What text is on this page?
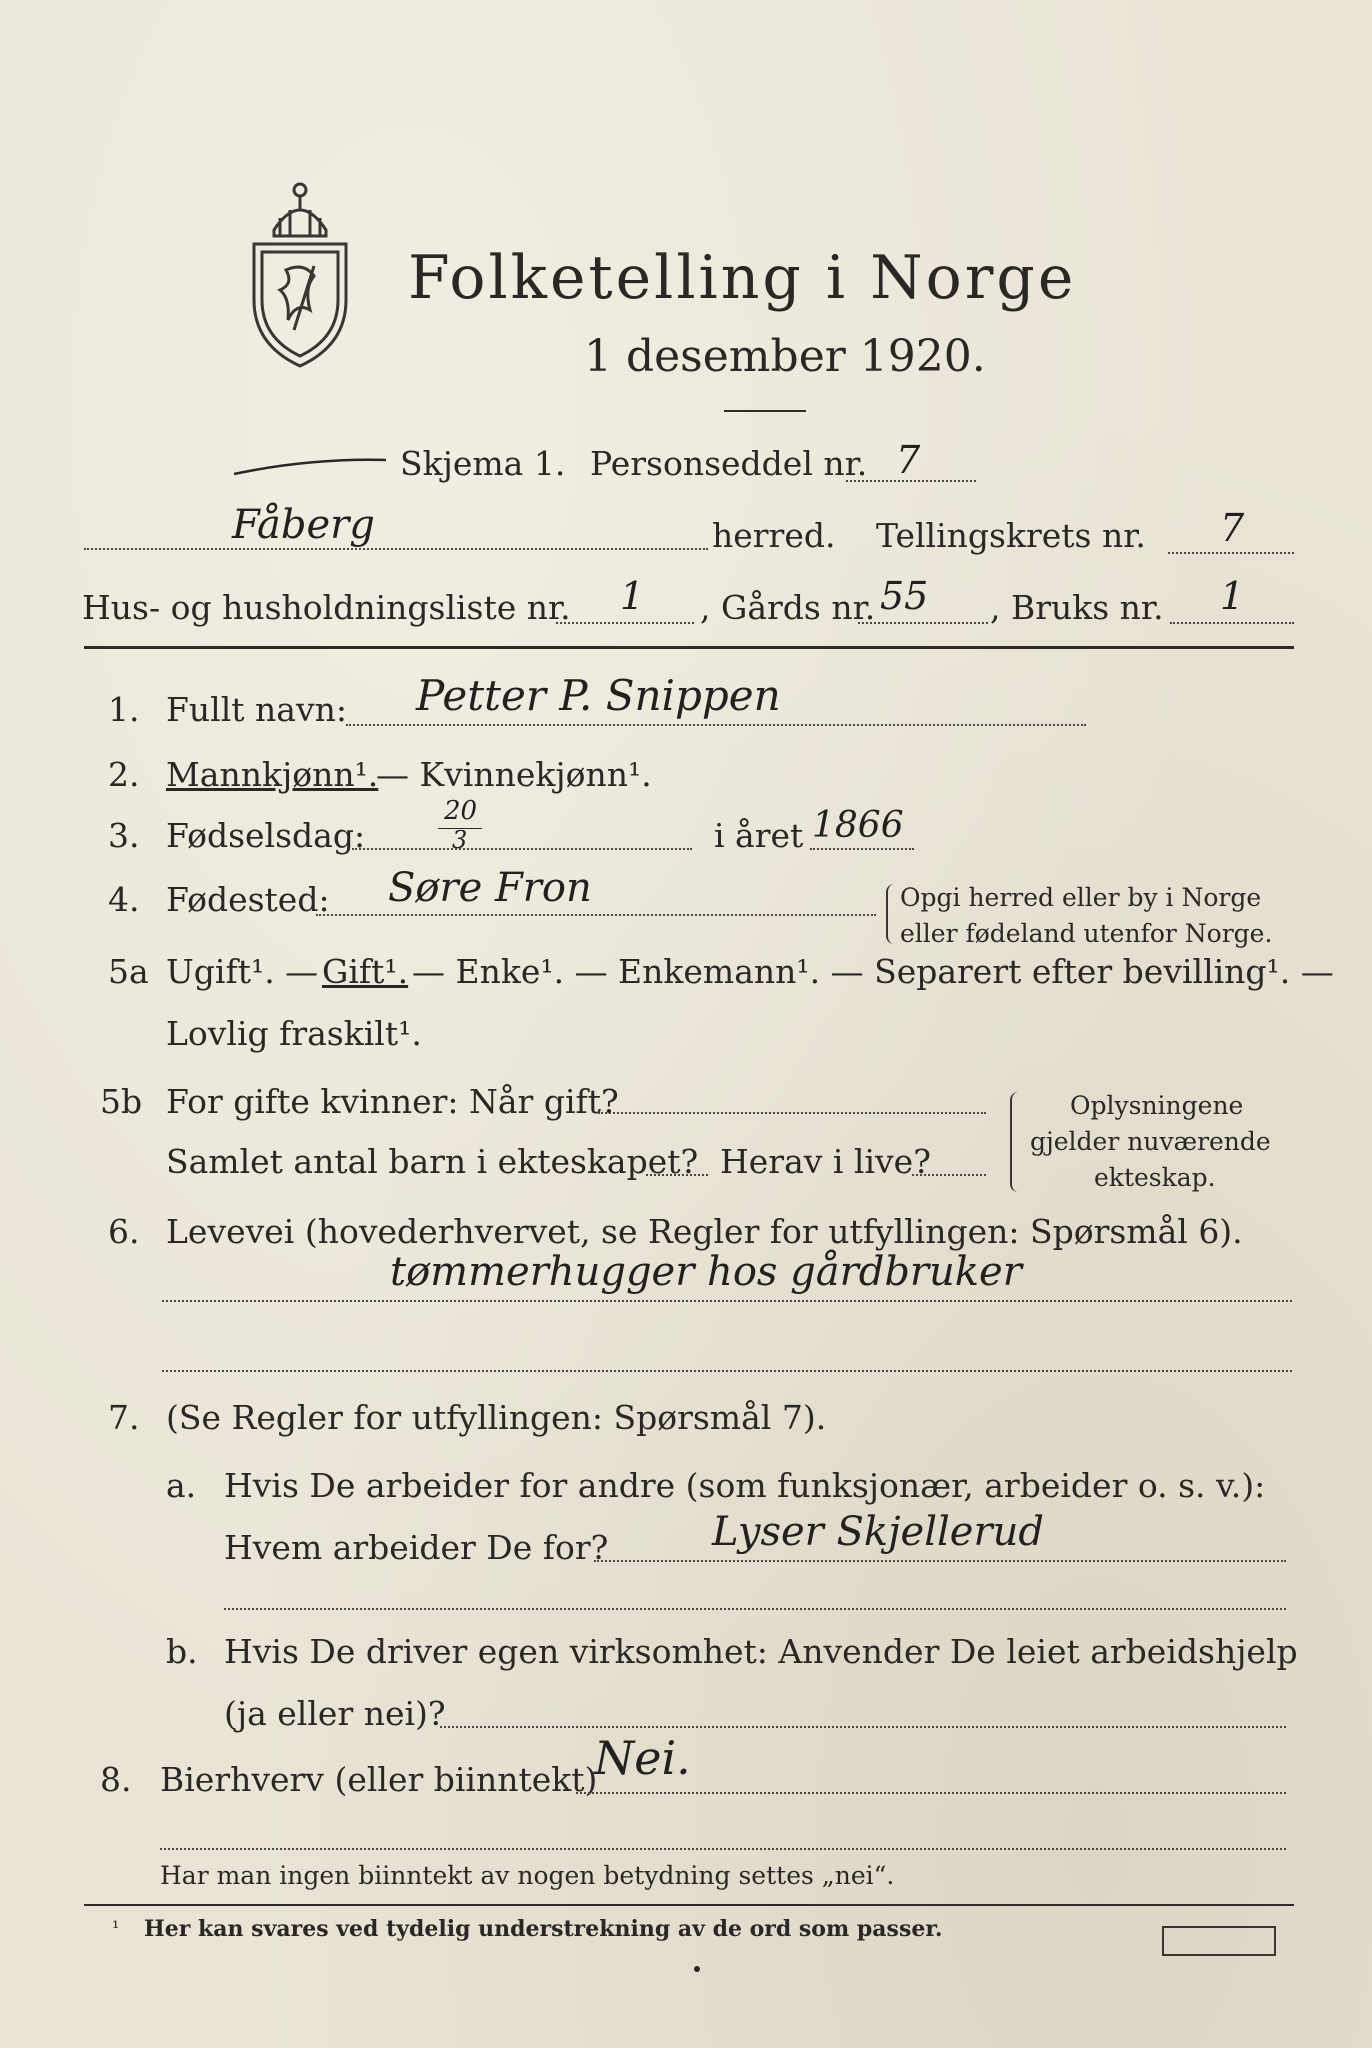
Folketelling i Norge
1 desember 1920.
Skjema 1. Personseddel nr. 7
Fåberg	herred. Tellingskrets nr. 7
Hus- og husholdningsliste nr. 1 , Gårds nr. 55 , Bruks nr. 1
1. Fullt navn: Petter P. Snippen
2. Mannkjønn¹.
— Kvinnekjønn¹.
3. Fødselsdag:
20
3	i året 1866
4. Fødested: Søre Fron	Opgi herred eller by i Norge
eller fødeland utenfor Norge.
5a Ugift¹. — Gift¹. — Enke¹. — Enkemann¹. — Separert efter bevilling¹. —
Lovlig fraskilt¹.
5b For gifte kvinner: Når gift?
Samlet antal barn i ekteskapet? Herav i live?
Oplysningene
gjelder nuværende
ekteskap.
6. Levevei (hovederhvervet, se Regler for utfyllingen: Spørsmål 6).
tømmerhugger hos gårdbruker
7. (Se Regler for utfyllingen: Spørsmål 7).
a. Hvis De arbeider for andre (som funksjonær, arbeider o. s. v.):
Hvem arbeider De for?	Lyser Skjellerud
b. Hvis De driver egen virksomhet: Anvender De leiet arbeidshjelp
(ja eller nei)?
8. Bierhverv (eller biinntekt)
Nei.
Har man ingen biinntekt av nogen betydning settes „nei“.
¹ Her kan svares ved tydelig understrekning av de ord som passer.
